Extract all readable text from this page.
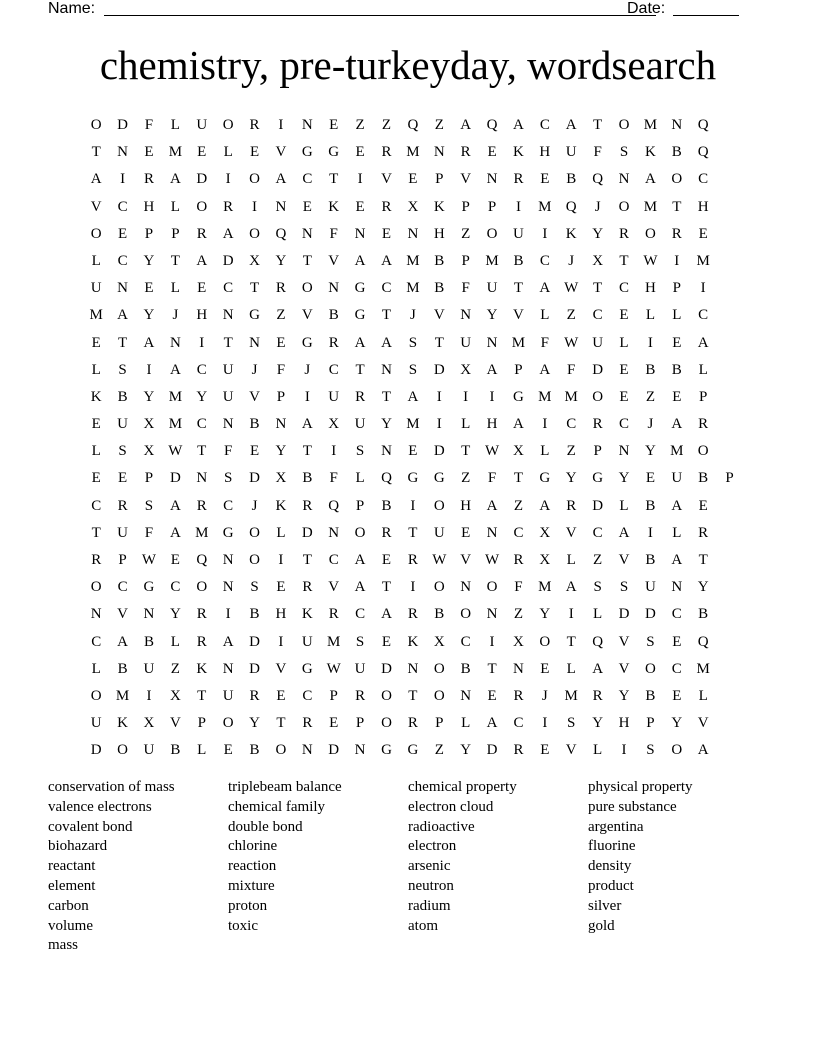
Name:	Date:
chemistry, pre-turkeyday, wordsearch
O	D	F	L	U	O	R	I	N	E	Z	Z	Q	Z	A	Q	A	C	A	T	O M N	Q
T	N	E	M	E	L	E	V	G	G	E	R M N	R	E	K	H	U	F	S	K	B	Q
A	I	R	A	D	I	O	A	C	T	I	V	E	P	V	N	R	E	B	Q	N	A	O	C
V	C	H	L	O	R	I	N	E	K	E	R	X	K	P	P	I	M Q	J	O M	T	H
O	E	P	P	R	A	O	Q	N	F	N	E	N	H	Z	O	U	I	K	Y	R	O	R	E
L	C	Y	T	A	D	X	Y	T	V	A	A M B	P	M B	C	J	X	T W	I	M
U	N	E	L	E	C	T	R	O	N	G	C M B	F	U	T	A W T	C	H	P	I
M A	Y	J	H	N	G	Z	V	B	G	T	J	V	N	Y	V	L	Z	C	E	L	L	C
E	T	A	N	I	T	N	E	G	R	A	A	S	T	U	N M	F	W U	L	I	E	A
L	S	I	A	C	U	J	F	J	C	T	N	S	D	X	A	P	A	F	D	E	B	B	L
K	B	Y M Y	U	V	P	I	U	R	T	A	I	I	I	G M M O	E	Z	E	P
E	U	X M C	N	B	N	A	X	U	Y M	I	L	H	A	I	C	R	C	J	A	R
L	S	X W T	F	E	Y	T	I	S	N	E	D	T W X	L	Z	P	N	Y M O
E	E	P	D	N	S	D	X	B	F	L	Q	G	G	Z	F	T	G	Y	G	Y	E	U	B	P
C	R	S	A	R	C	J	K	R	Q	P	B	I	O	H	A	Z	A	R	D	L	B	A	E
T	U	F	A M G	O	L	D	N	O	R	T	U	E	N	C	X	V	C	A	I	L	R
R	P	W E	Q	N	O	I	T	C	A	E	R W V W R	X	L	Z	V	B	A	T
O	C	G	C	O	N	S	E	R	V	A	T	I	O	N	O	F	M A	S	S	U	N	Y
N	V	N	Y	R	I	B	H	K	R	C	A	R	B	O	N	Z	Y	I	L	D	D	C	B
C	A	B	L	R	A	D	I	U M	S	E	K	X	C	I	X	O	T	Q	V	S	E	Q
L	B	U	Z	K	N	D	V	G W U	D	N	O	B	T	N	E	L	A	V	O	C M
O M	I	X	T	U	R	E	C	P	R	O	T	O	N	E	R	J	M R	Y	B	E	L
U	K	X	V	P	O	Y	T	R	E	P	O	R	P	L	A	C	I	S	Y	H	P	Y	V
D	O	U	B	L	E	B	O	N	D	N	G	G	Z	Y	D	R	E	V	L	I	S	O	A
conservation of mass
valence electrons
covalent bond
biohazard
reactant
element
carbon
volume
mass
triplebeam balance
chemical family
double bond
chlorine
reaction
mixture
proton
toxic
chemical property
electron cloud
radioactive
electron
arsenic
neutron
radium
atom
physical property
pure substance
argentina
fluorine
density
product
silver
gold
